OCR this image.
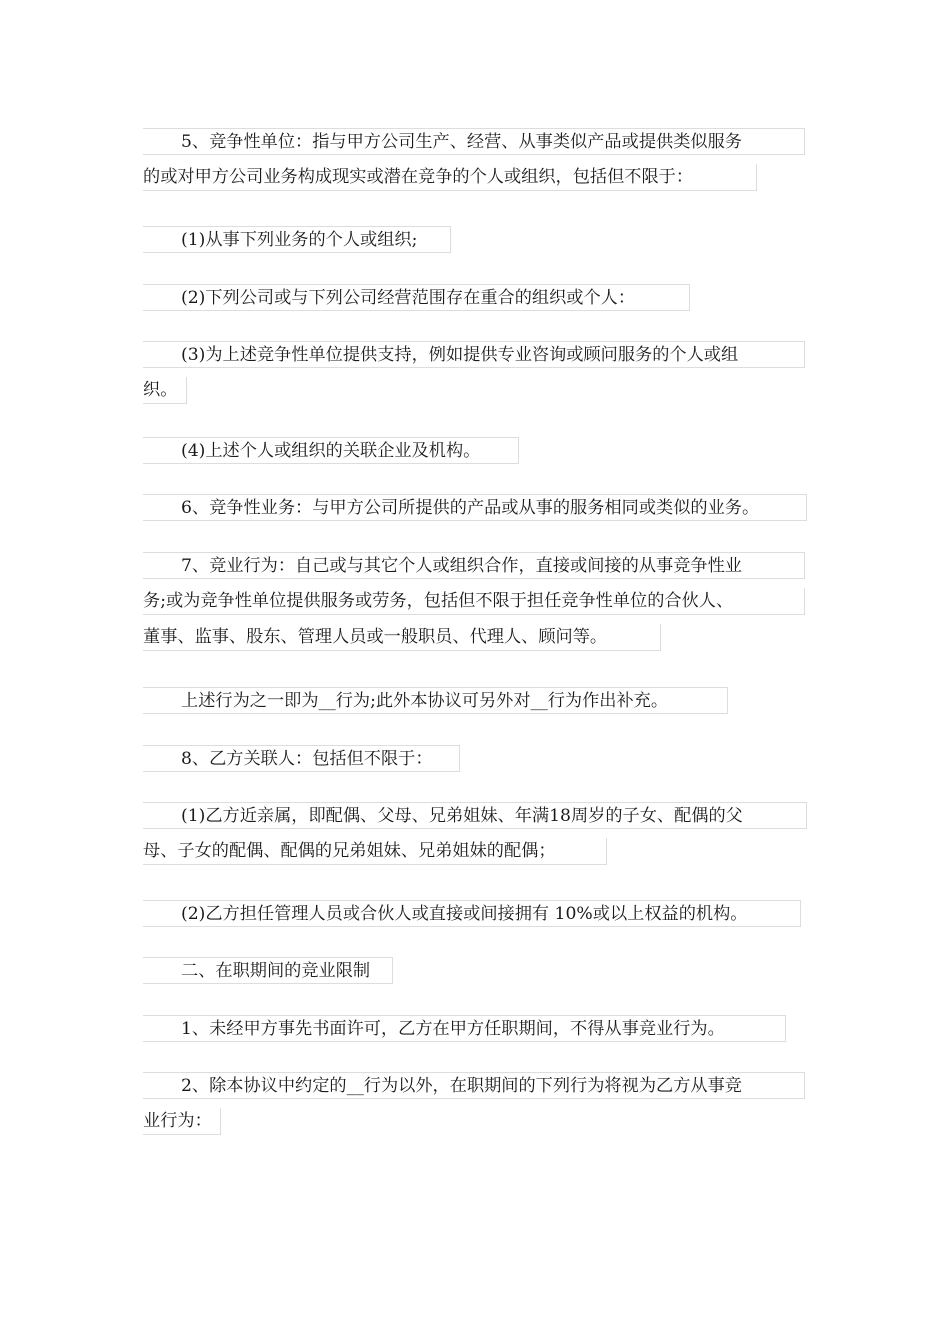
5、竞争性单位：指与甲方公司生产、经营、从事类似产品或提供类似服务
的或对甲方公司业务构成现实或潜在竞争的个人或组织，包括但不限于：
(1)从事下列业务的个人或组织;
(2)下列公司或与下列公司经营范围存在重合的组织或个人：
(3)为上述竞争性单位提供支持，例如提供专业咨询或顾问服务的个人或组
织。
(4)上述个人或组织的关联企业及机构。
6、竞争性业务：与甲方公司所提供的产品或从事的服务相同或类似的业务。
7、竞业行为：自己或与其它个人或组织合作，直接或间接的从事竞争性业
务;或为竞争性单位提供服务或劳务，包括但不限于担任竞争性单位的合伙人、
董事、监事、股东、管理人员或一般职员、代理人、顾问等。
上述行为之一即为__行为;此外本协议可另外对__行为作出补充。
8、乙方关联人：包括但不限于：
(1)乙方近亲属，即配偶、父母、兄弟姐妹、年满18周岁的子女、配偶的父
母、子女的配偶、配偶的兄弟姐妹、兄弟姐妹的配偶；
(2)乙方担任管理人员或合伙人或直接或间接拥有 10%或以上权益的机构。
二、在职期间的竞业限制
1、未经甲方事先书面许可，乙方在甲方任职期间，不得从事竞业行为。
2、除本协议中约定的__行为以外，在职期间的下列行为将视为乙方从事竞
业行为：
